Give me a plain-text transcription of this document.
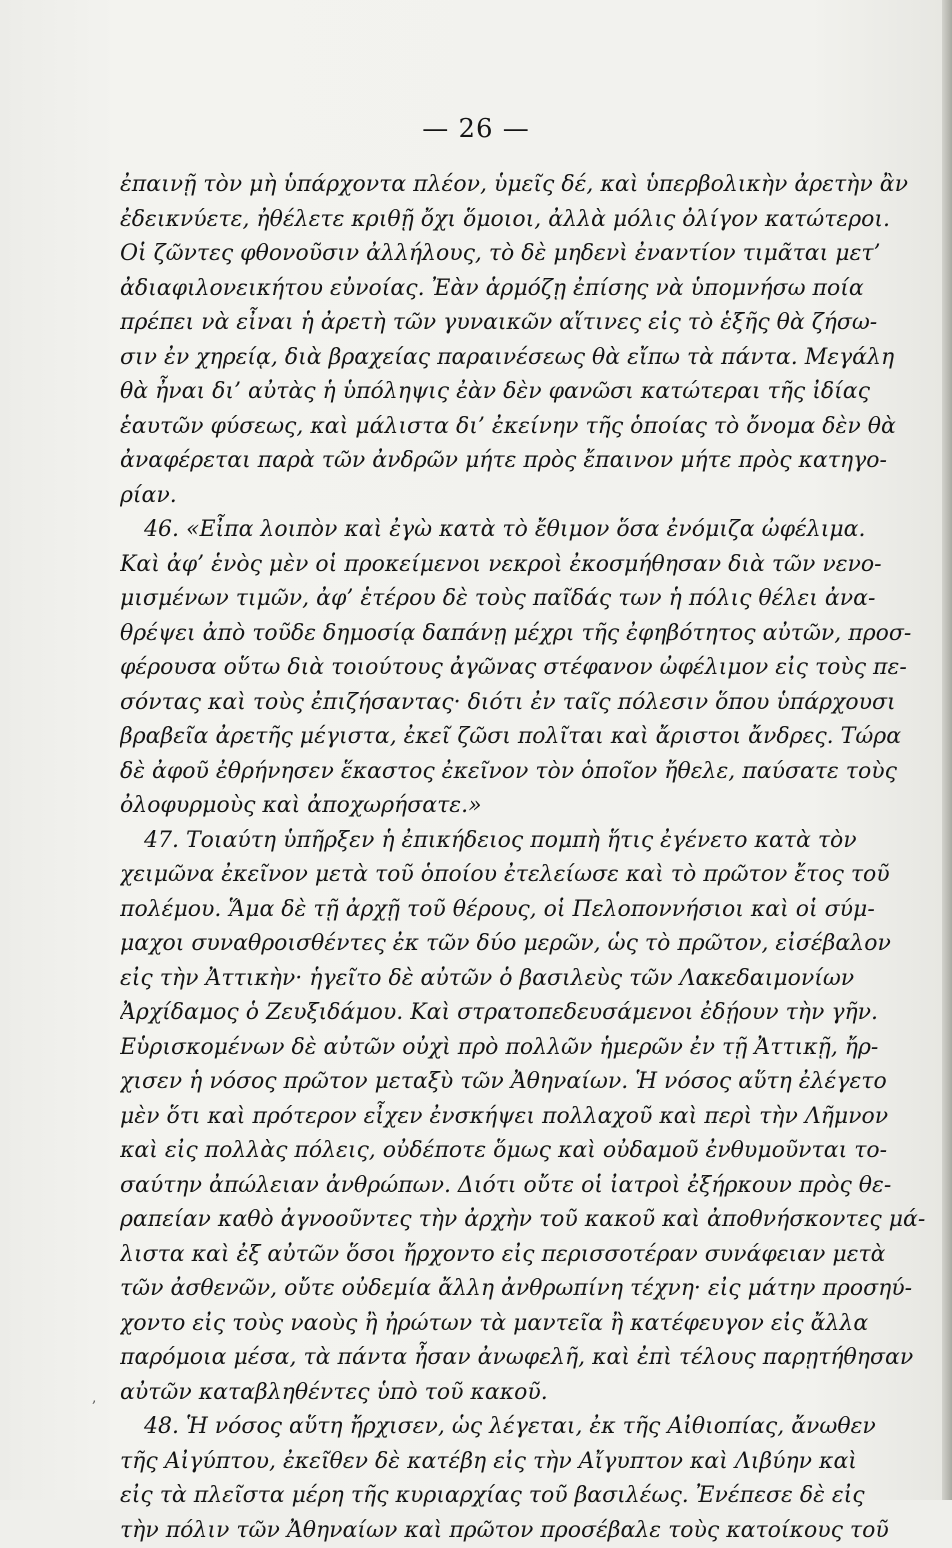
— 26 —
ἐπαινῇ τὸν μὴ ὑπάρχοντα πλέον, ὑμεῖς δέ, καὶ ὑπερβολικὴν ἀρετὴν ἂν
ἐδεικνύετε, ἠθέλετε κριθῇ ὄχι ὅμοιοι, ἀλλὰ μόλις ὀλίγον κατώτεροι.
Οἱ ζῶντες φθονοῦσιν ἀλλήλους, τὸ δὲ μηδενὶ ἐναντίον τιμᾶται μετ’
ἀδιαφιλονεικήτου εὐνοίας. Ἐὰν ἁρμόζῃ ἐπίσης νὰ ὑπομνήσω ποία
πρέπει νὰ εἶναι ἡ ἀρετὴ τῶν γυναικῶν αἵτινες εἰς τὸ ἑξῆς θὰ ζήσω-
σιν ἐν χηρείᾳ, διὰ βραχείας παραινέσεως θὰ εἴπω τὰ πάντα. Μεγάλη
θὰ ἦναι δι’ αὐτὰς ἡ ὑπόληψις ἐὰν δὲν φανῶσι κατώτεραι τῆς ἰδίας
ἑαυτῶν φύσεως, καὶ μάλιστα δι’ ἐκείνην τῆς ὁποίας τὸ ὄνομα δὲν θὰ
ἀναφέρεται παρὰ τῶν ἀνδρῶν μήτε πρὸς ἔπαινον μήτε πρὸς κατηγο-
ρίαν.
46. «Εἶπα λοιπὸν καὶ ἐγὼ κατὰ τὸ ἔθιμον ὅσα ἐνόμιζα ὠφέλιμα.
Καὶ ἀφ’ ἑνὸς μὲν οἱ προκείμενοι νεκροὶ ἐκοσμήθησαν διὰ τῶν νενο-
μισμένων τιμῶν, ἀφ’ ἑτέρου δὲ τοὺς παῖδάς των ἡ πόλις θέλει ἀνα-
θρέψει ἀπὸ τοῦδε δημοσίᾳ δαπάνῃ μέχρι τῆς ἐφηβότητος αὐτῶν, προσ-
φέρουσα οὕτω διὰ τοιούτους ἀγῶνας στέφανον ὠφέλιμον εἰς τοὺς πε-
σόντας καὶ τοὺς ἐπιζήσαντας· διότι ἐν ταῖς πόλεσιν ὅπου ὑπάρχουσι
βραβεῖα ἀρετῆς μέγιστα, ἐκεῖ ζῶσι πολῖται καὶ ἄριστοι ἄνδρες. Τώρα
δὲ ἀφοῦ ἐθρήνησεν ἕκαστος ἐκεῖνον τὸν ὁποῖον ἤθελε, παύσατε τοὺς
ὀλοφυρμοὺς καὶ ἀποχωρήσατε.»
47. Τοιαύτη ὑπῆρξεν ἡ ἐπικήδειος πομπὴ ἥτις ἐγένετο κατὰ τὸν
χειμῶνα ἐκεῖνον μετὰ τοῦ ὁποίου ἐτελείωσε καὶ τὸ πρῶτον ἔτος τοῦ
πολέμου. Ἅμα δὲ τῇ ἀρχῇ τοῦ θέρους, οἱ Πελοποννήσιοι καὶ οἱ σύμ-
μαχοι συναθροισθέντες ἐκ τῶν δύο μερῶν, ὡς τὸ πρῶτον, εἰσέβαλον
εἰς τὴν Ἀττικὴν· ἡγεῖτο δὲ αὐτῶν ὁ βασιλεὺς τῶν Λακεδαιμονίων
Ἀρχίδαμος ὁ Ζευξιδάμου. Καὶ στρατοπεδευσάμενοι ἐδῄουν τὴν γῆν.
Εὑρισκομένων δὲ αὐτῶν οὐχὶ πρὸ πολλῶν ἡμερῶν ἐν τῇ Ἀττικῇ, ἤρ-
χισεν ἡ νόσος πρῶτον μεταξὺ τῶν Ἀθηναίων. Ἡ νόσος αὕτη ἐλέγετο
μὲν ὅτι καὶ πρότερον εἶχεν ἐνσκήψει πολλαχοῦ καὶ περὶ τὴν Λῆμνον
καὶ εἰς πολλὰς πόλεις, οὐδέποτε ὅμως καὶ οὐδαμοῦ ἐνθυμοῦνται το-
σαύτην ἀπώλειαν ἀνθρώπων. Διότι οὔτε οἱ ἰατροὶ ἐξήρκουν πρὸς θε-
ραπείαν καθὸ ἀγνοοῦντες τὴν ἀρχὴν τοῦ κακοῦ καὶ ἀποθνήσκοντες μά-
λιστα καὶ ἐξ αὐτῶν ὅσοι ἤρχοντο εἰς περισσοτέραν συνάφειαν μετὰ
τῶν ἀσθενῶν, οὔτε οὐδεμία ἄλλη ἀνθρωπίνη τέχνη· εἰς μάτην προσηύ-
χοντο εἰς τοὺς ναοὺς ἢ ἠρώτων τὰ μαντεῖα ἢ κατέφευγον εἰς ἄλλα
παρόμοια μέσα, τὰ πάντα ἦσαν ἀνωφελῆ, καὶ ἐπὶ τέλους παρῃτήθησαν
αὐτῶν καταβληθέντες ὑπὸ τοῦ κακοῦ.
48. Ἡ νόσος αὕτη ἤρχισεν, ὡς λέγεται, ἐκ τῆς Αἰθιοπίας, ἄνωθεν
τῆς Αἰγύπτου, ἐκεῖθεν δὲ κατέβη εἰς τὴν Αἴγυπτον καὶ Λιβύην καὶ
εἰς τὰ πλεῖστα μέρη τῆς κυριαρχίας τοῦ βασιλέως. Ἐνέπεσε δὲ εἰς
τὴν πόλιν τῶν Ἀθηναίων καὶ πρῶτον προσέβαλε τοὺς κατοίκους τοῦ
,
